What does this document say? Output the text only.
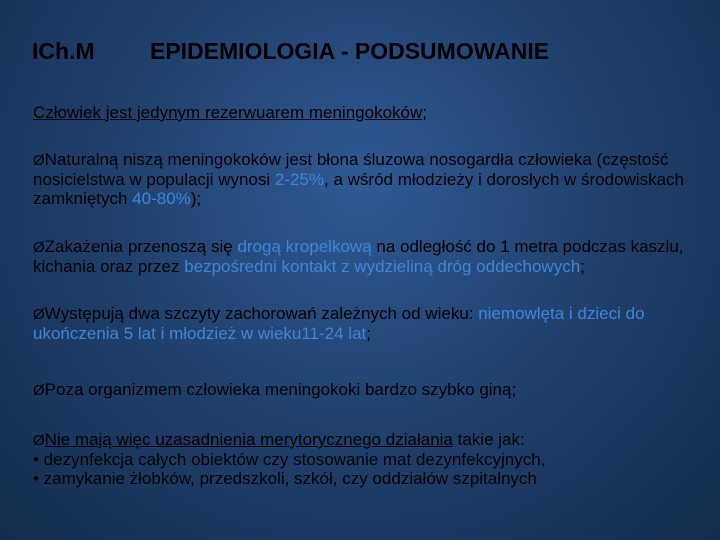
ICh.M EPIDEMIOLOGIA - PODSUMOWANIE

Człowiek jest jedynym rezerwuarem meningokoków;

ØNaturalną niszą meningokoków jest błona śluzowa nosogardła człowieka (częstość nosicielstwa w populacji wynosi 2-25%, a wśród młodzieży i dorosłych w środowiskach zamkniętych 40-80%);

ØZakażenia przenoszą się drogą kropelkową na odległość do 1 metra podczas kaszlu, kichania oraz przez bezpośredni kontakt z wydzieliną dróg oddechowych;

ØWystępują dwa szczyty zachorowań zależnych od wieku: niemowlęta i dzieci do ukończenia 5 lat i młodzież w wieku11-24 lat;

ØPoza organizmem człowieka meningokoki bardzo szybko giną;

ØNie mają więc uzasadnienia merytorycznego działania takie jak:
• dezynfekcja całych obiektów czy stosowanie mat dezynfekcyjnych,
• zamykanie żłobków, przedszkoli, szkół, czy oddziałów szpitalnych
